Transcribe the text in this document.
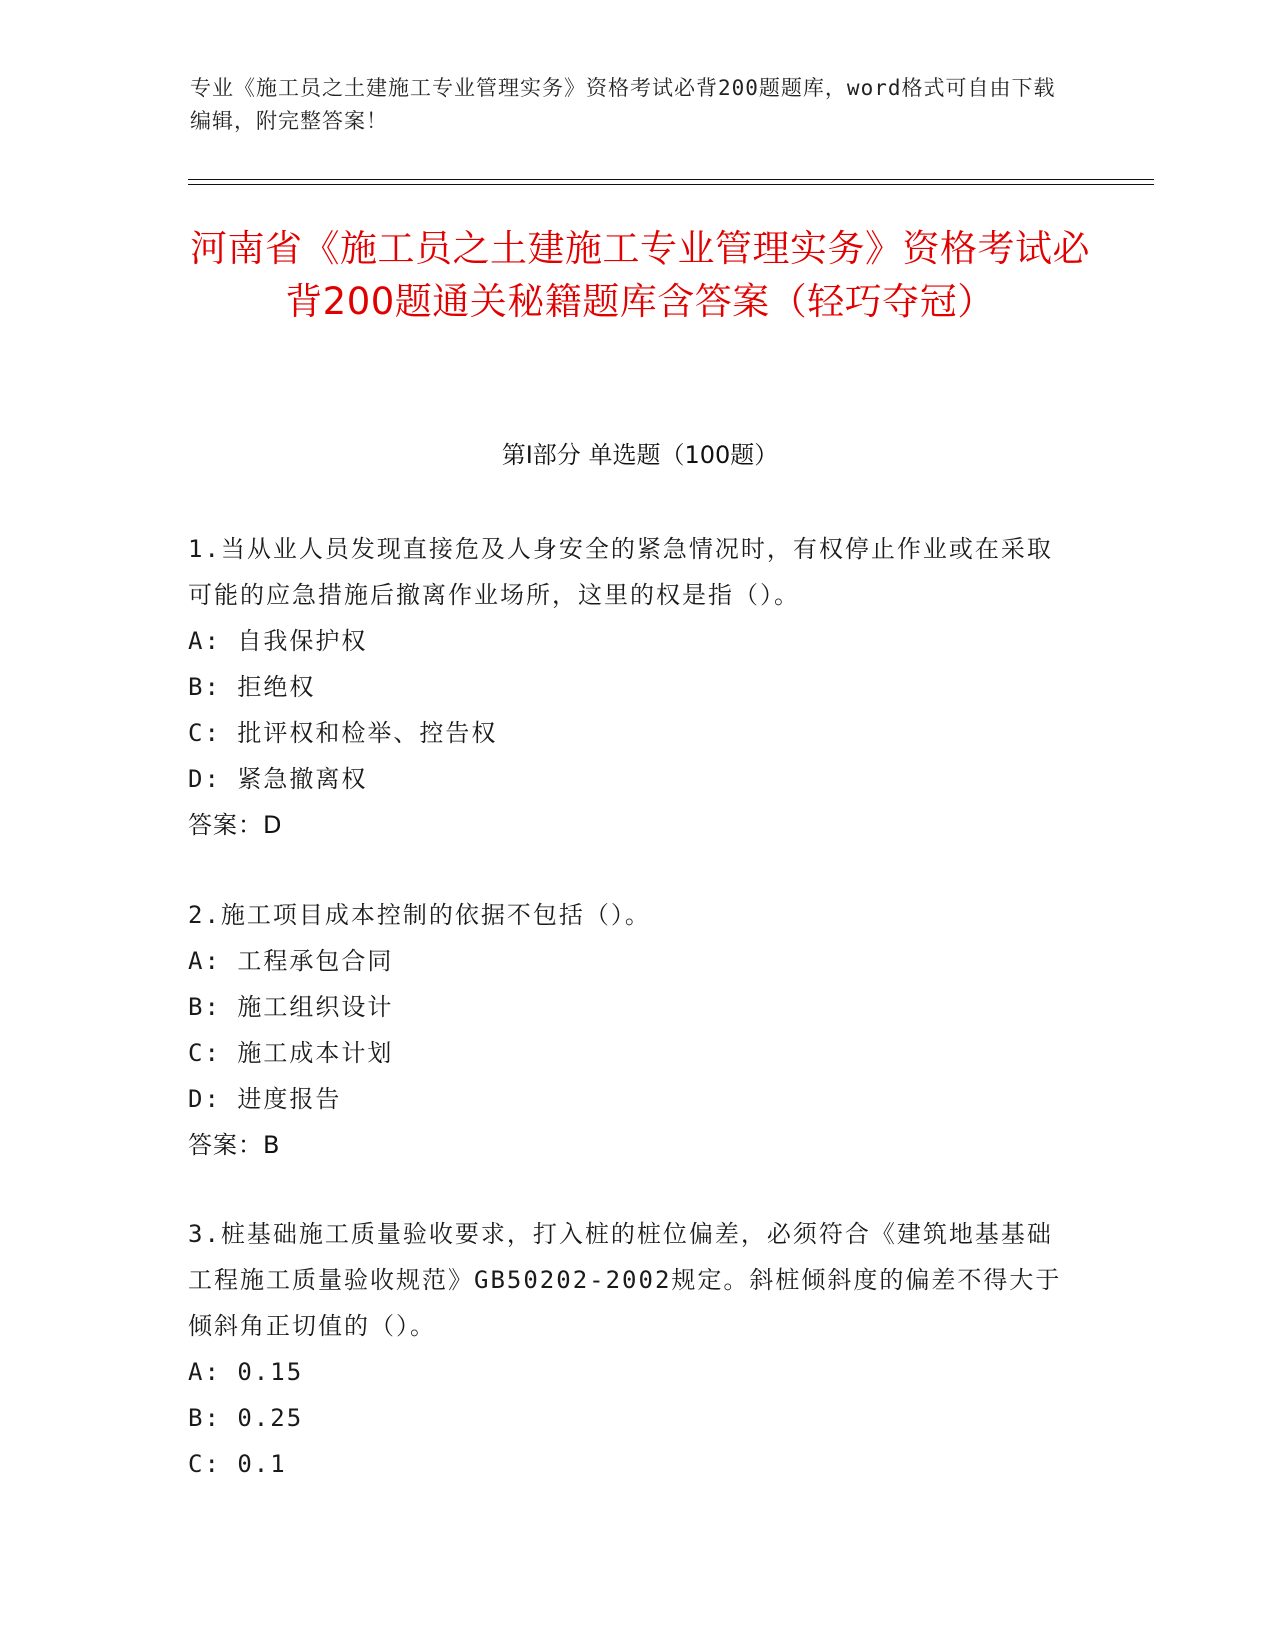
专业《施工员之土建施工专业管理实务》资格考试必背200题题库，word格式可自由下载编辑，附完整答案！
河南省《施工员之土建施工专业管理实务》资格考试必背200题通关秘籍题库含答案（轻巧夺冠）
第I部分 单选题（100题）

1.当从业人员发现直接危及人身安全的紧急情况时，有权停止作业或在采取可能的应急措施后撤离作业场所，这里的权是指（）。

A: 自我保护权

B: 拒绝权

C: 批评权和检举、控告权

D: 紧急撤离权

答案：D

2.施工项目成本控制的依据不包括（）。

A: 工程承包合同

B: 施工组织设计

C: 施工成本计划

D: 进度报告

答案：B

3.桩基础施工质量验收要求，打入桩的桩位偏差，必须符合《建筑地基基础工程施工质量验收规范》GB50202-2002规定。斜桩倾斜度的偏差不得大于倾斜角正切值的（）。

A: 0.15

B: 0.25

C: 0.1
